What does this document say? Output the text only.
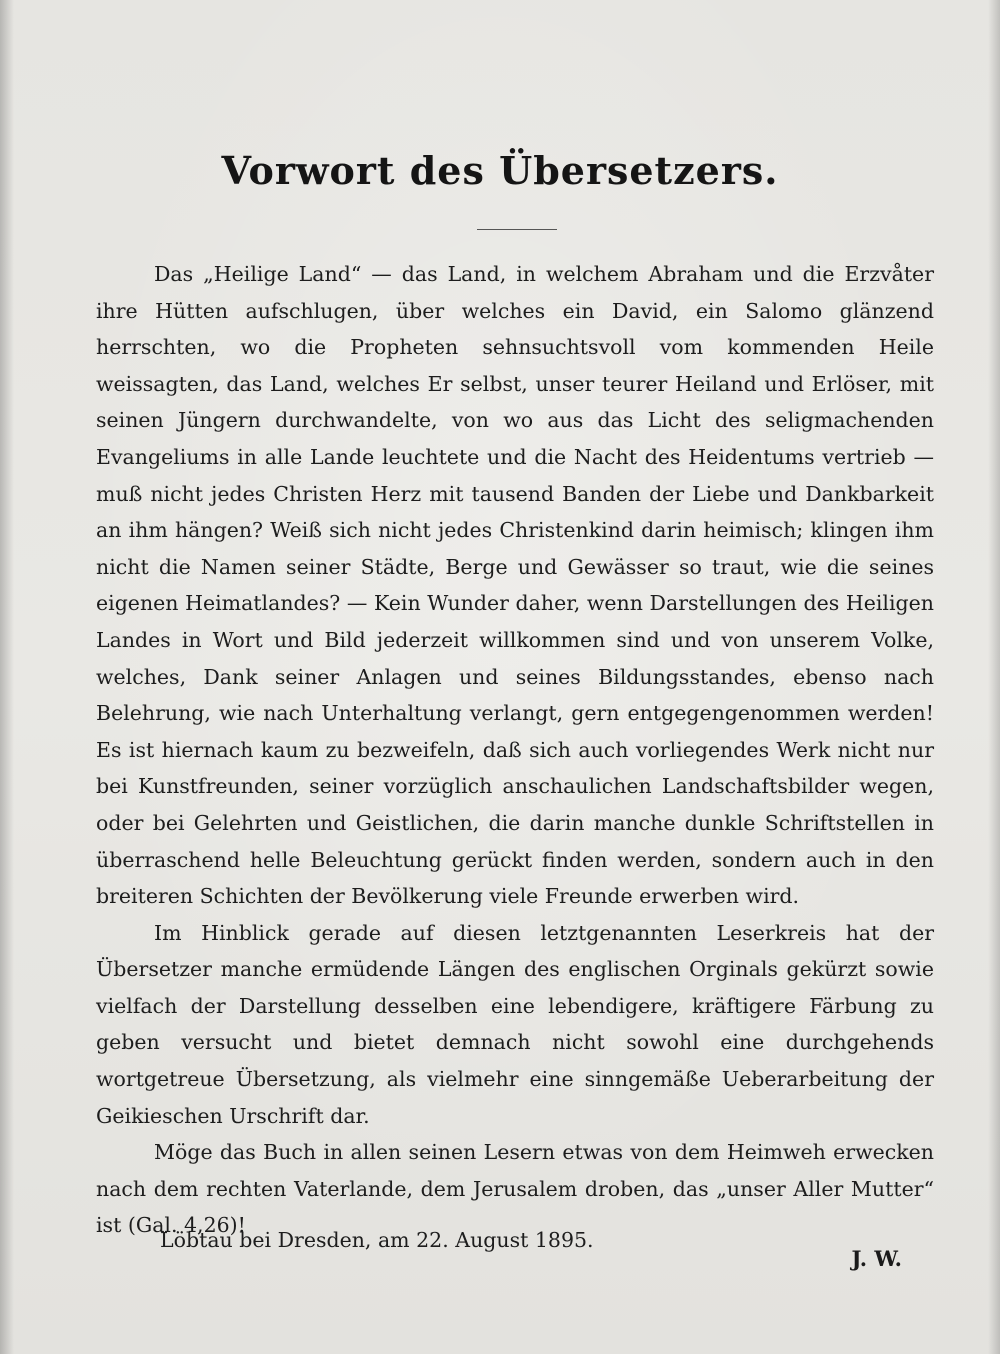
Vorwort des Übersetzers.

Das „Heilige Land“ — das Land, in welchem Abraham und die Erzvåter ihre Hütten aufschlugen, über welches ein David, ein Salomo glänzend herrschten, wo die Propheten sehnsuchtsvoll vom kommenden Heile weissagten, das Land, welches Er selbst, unser teurer Heiland und Erlöser, mit seinen Jüngern durchwandelte, von wo aus das Licht des seligmachenden Evangeliums in alle Lande leuchtete und die Nacht des Heidentums vertrieb — muß nicht jedes Christen Herz mit tausend Banden der Liebe und Dankbarkeit an ihm hängen? Weiß sich nicht jedes Christenkind darin heimisch; klingen ihm nicht die Namen seiner Städte, Berge und Gewässer so traut, wie die seines eigenen Heimatlandes? — Kein Wunder daher, wenn Darstellungen des Heiligen Landes in Wort und Bild jederzeit willkommen sind und von unserem Volke, welches, Dank seiner Anlagen und seines Bildungsstandes, ebenso nach Belehrung, wie nach Unterhaltung verlangt, gern entgegengenommen werden! Es ist hiernach kaum zu bezweifeln, daß sich auch vorliegendes Werk nicht nur bei Kunstfreunden, seiner vorzüglich anschaulichen Landschaftsbilder wegen, oder bei Gelehrten und Geistlichen, die darin manche dunkle Schriftstellen in überraschend helle Beleuchtung gerückt finden werden, sondern auch in den breiteren Schichten der Bevölkerung viele Freunde erwerben wird.

Im Hinblick gerade auf diesen letztgenannten Leserkreis hat der Übersetzer manche ermüdende Längen des englischen Orginals gekürzt sowie vielfach der Darstellung desselben eine lebendigere, kräftigere Färbung zu geben versucht und bietet demnach nicht sowohl eine durchgehends wortgetreue Übersetzung, als vielmehr eine sinngemäße Ueberarbeitung der Geikieschen Urschrift dar.

Möge das Buch in allen seinen Lesern etwas von dem Heimweh erwecken nach dem rechten Vaterlande, dem Jerusalem droben, das „unser Aller Mutter“ ist (Gal. 4,26)!

Löbtau bei Dresden, am 22. August 1895.
J. W.
